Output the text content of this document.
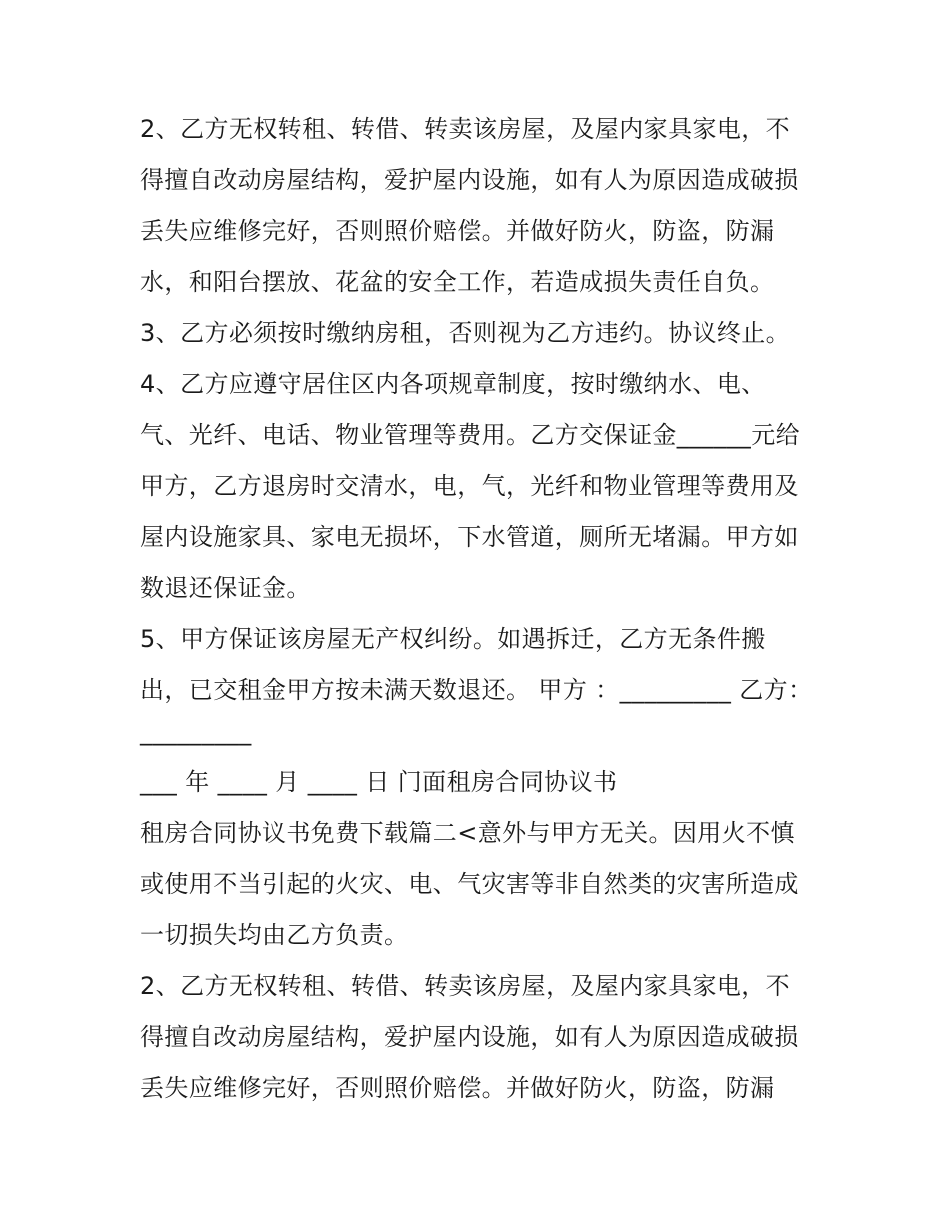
2、乙方无权转租、转借、转卖该房屋，及屋内家具家电，不
得擅自改动房屋结构，爱护屋内设施，如有人为原因造成破损
丢失应维修完好，否则照价赔偿。并做好防火，防盗，防漏
水，和阳台摆放、花盆的安全工作，若造成损失责任自负。
3、乙方必须按时缴纳房租，否则视为乙方违约。协议终止。
4、乙方应遵守居住区内各项规章制度，按时缴纳水、电、
气、光纤、电话、物业管理等费用。乙方交保证金______元给
甲方，乙方退房时交清水，电，气，光纤和物业管理等费用及
屋内设施家具、家电无损坏，下水管道，厕所无堵漏。甲方如
数退还保证金。
5、甲方保证该房屋无产权纠纷。如遇拆迁，乙方无条件搬
出，已交租金甲方按未满天数退还。 甲方 ：_________ 乙方：
_________
___ 年 ____ 月 ____ 日 门面租房合同协议书
租房合同协议书免费下载篇二<意外与甲方无关。因用火不慎
或使用不当引起的火灾、电、气灾害等非自然类的灾害所造成
一切损失均由乙方负责。
2、乙方无权转租、转借、转卖该房屋，及屋内家具家电，不
得擅自改动房屋结构，爱护屋内设施，如有人为原因造成破损
丢失应维修完好，否则照价赔偿。并做好防火，防盗，防漏
